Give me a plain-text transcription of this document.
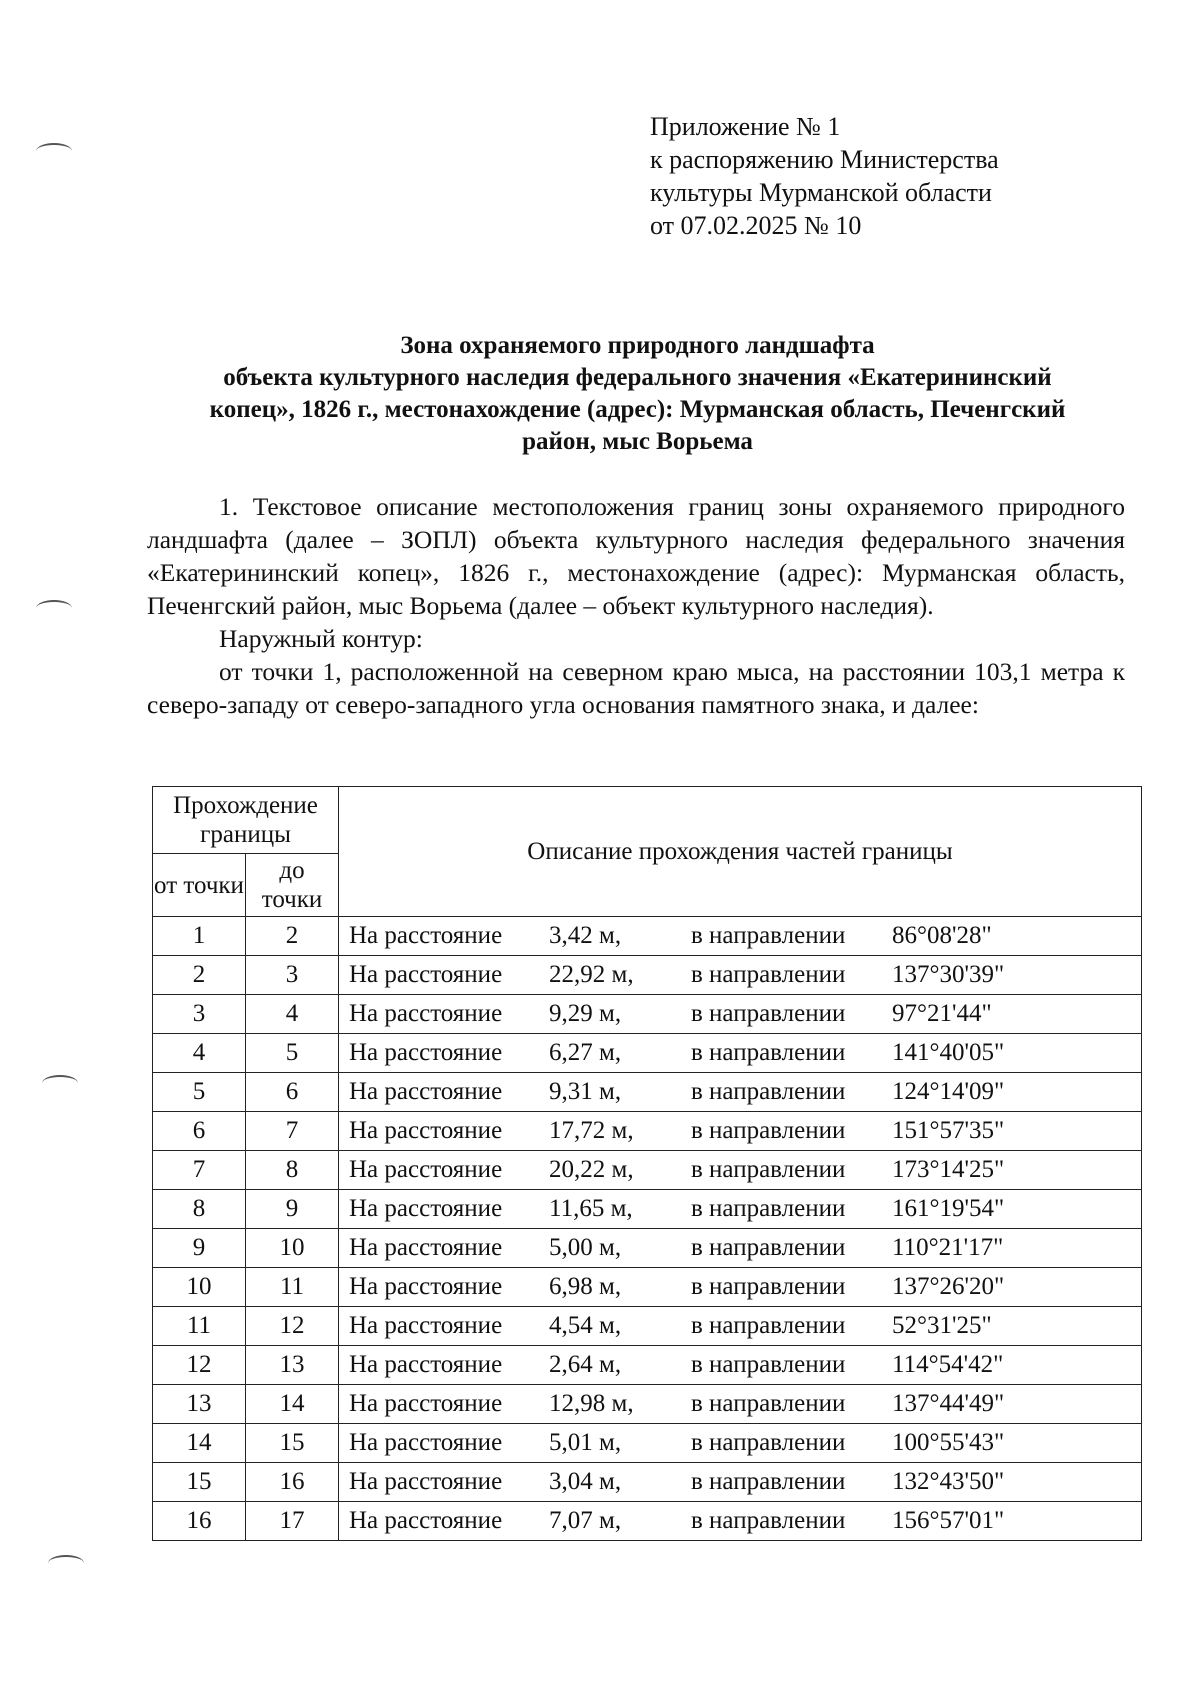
Приложение № 1
к распоряжению Министерства
культуры Мурманской области
от 07.02.2025 № 10
Зона охраняемого природного ландшафта
объекта культурного наследия федерального значения «Екатерининский
копец», 1826 г., местонахождение (адрес): Мурманская область, Печенгский
район, мыс Ворьема

1. Текстовое описание местоположения границ зоны охраняемого природного ландшафта (далее – ЗОПЛ) объекта культурного наследия федерального значения «Екатерининский копец», 1826 г., местонахождение (адрес): Мурманская область, Печенгский район, мыс Ворьема (далее – объект культурного наследия).

Наружный контур:

от точки 1, расположенной на северном краю мыса, на расстоянии 103,1 метра к северо-западу от северо-западного угла основания памятного знака, и далее:

Прохождение границы		Описание прохождения частей границы
от точки	до точки	
1	2	На расстояние 3,42 м, в направлении 86°08'28"

2	3	На расстояние 22,92 м, в направлении 137°30'39"

3	4	На расстояние 9,29 м, в направлении 97°21'44"

4	5	На расстояние 6,27 м, в направлении 141°40'05"

5	6	На расстояние 9,31 м, в направлении 124°14'09"

6	7	На расстояние 17,72 м, в направлении 151°57'35"

7	8	На расстояние 20,22 м, в направлении 173°14'25"

8	9	На расстояние 11,65 м, в направлении 161°19'54"

9	10	На расстояние 5,00 м, в направлении 110°21'17"

10	11	На расстояние 6,98 м, в направлении 137°26'20"

11	12	На расстояние 4,54 м, в направлении 52°31'25"

12	13	На расстояние 2,64 м, в направлении 114°54'42"

13	14	На расстояние 12,98 м, в направлении 137°44'49"

14	15	На расстояние 5,01 м, в направлении 100°55'43"

15	16	На расстояние 3,04 м, в направлении 132°43'50"

16	17	На расстояние 7,07 м, в направлении 156°57'01"
